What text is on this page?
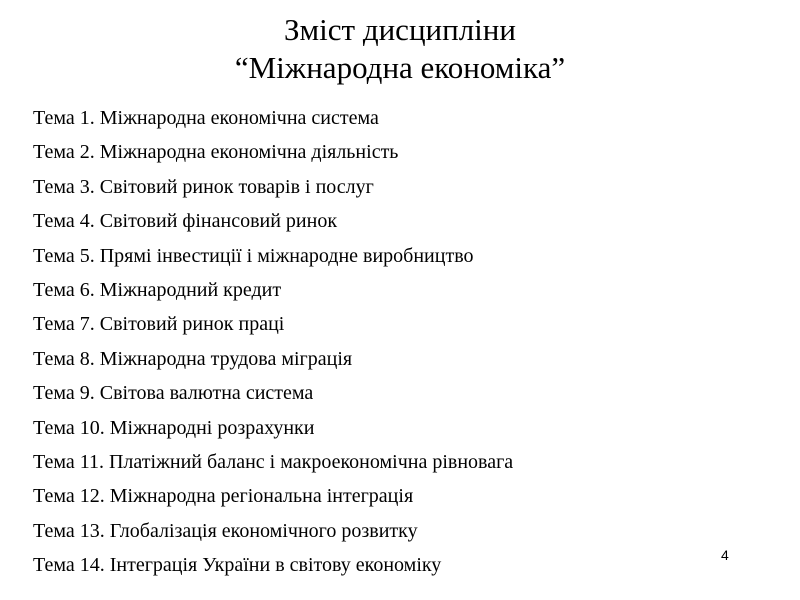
Зміст дисципліни
“Міжнародна економіка”
Тема 1. Міжнародна економічна система
Тема 2. Міжнародна економічна діяльність
Тема 3. Світовий ринок товарів і послуг
Тема 4. Світовий фінансовий ринок
Тема 5. Прямі інвестиції і міжнародне виробництво
Тема 6. Міжнародний кредит
Тема 7. Світовий ринок праці
Тема 8. Міжнародна трудова міграція
Тема 9. Світова валютна система
Тема 10. Міжнародні розрахунки
Тема 11. Платіжний баланс і макроекономічна рівновага
Тема 12. Міжнародна регіональна інтеграція
Тема 13. Глобалізація економічного розвитку
Тема 14. Інтеграція України в світову економіку	4
